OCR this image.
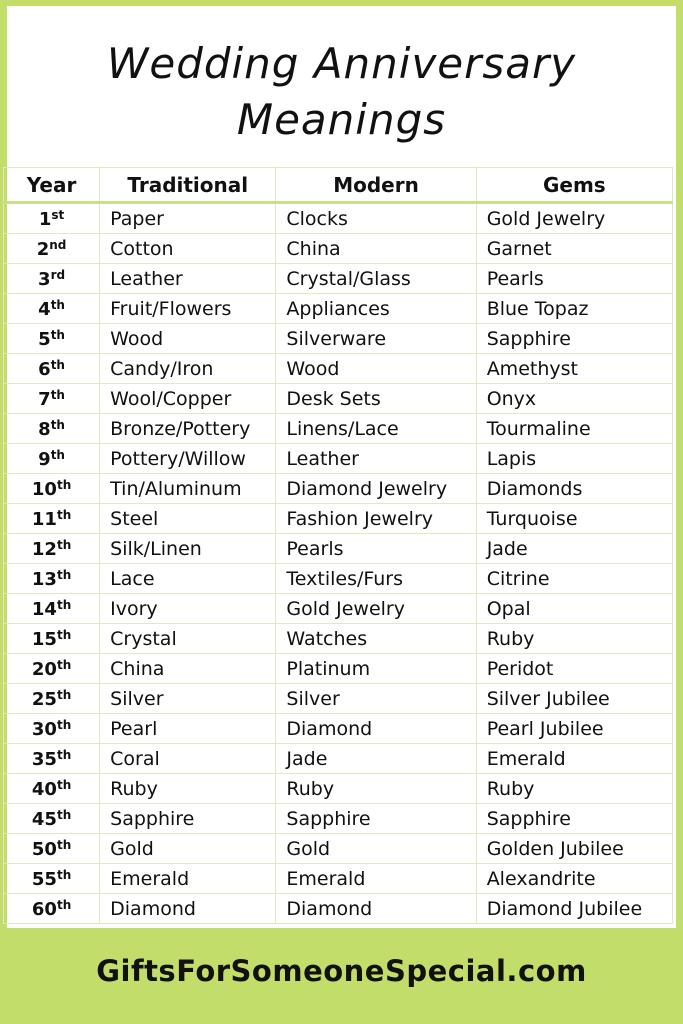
Wedding Anniversary
Meanings
Year	Traditional	Modern	Gems
1st	Paper	Clocks	Gold Jewelry
2nd	Cotton	China	Garnet
3rd	Leather	Crystal/Glass	Pearls
4th	Fruit/Flowers	Appliances	Blue Topaz
5th	Wood	Silverware	Sapphire
6th	Candy/Iron	Wood	Amethyst
7th	Wool/Copper	Desk Sets	Onyx
8th	Bronze/Pottery	Linens/Lace	Tourmaline
9th	Pottery/Willow	Leather	Lapis
10th	Tin/Aluminum	Diamond Jewelry	Diamonds
11th	Steel	Fashion Jewelry	Turquoise
12th	Silk/Linen	Pearls	Jade
13th	Lace	Textiles/Furs	Citrine
14th	Ivory	Gold Jewelry	Opal
15th	Crystal	Watches	Ruby
20th	China	Platinum	Peridot
25th	Silver	Silver	Silver Jubilee
30th	Pearl	Diamond	Pearl Jubilee
35th	Coral	Jade	Emerald
40th	Ruby	Ruby	Ruby
45th	Sapphire	Sapphire	Sapphire
50th	Gold	Gold	Golden Jubilee
55th	Emerald	Emerald	Alexandrite
60th	Diamond	Diamond	Diamond Jubilee
GiftsForSomeoneSpecial.com
